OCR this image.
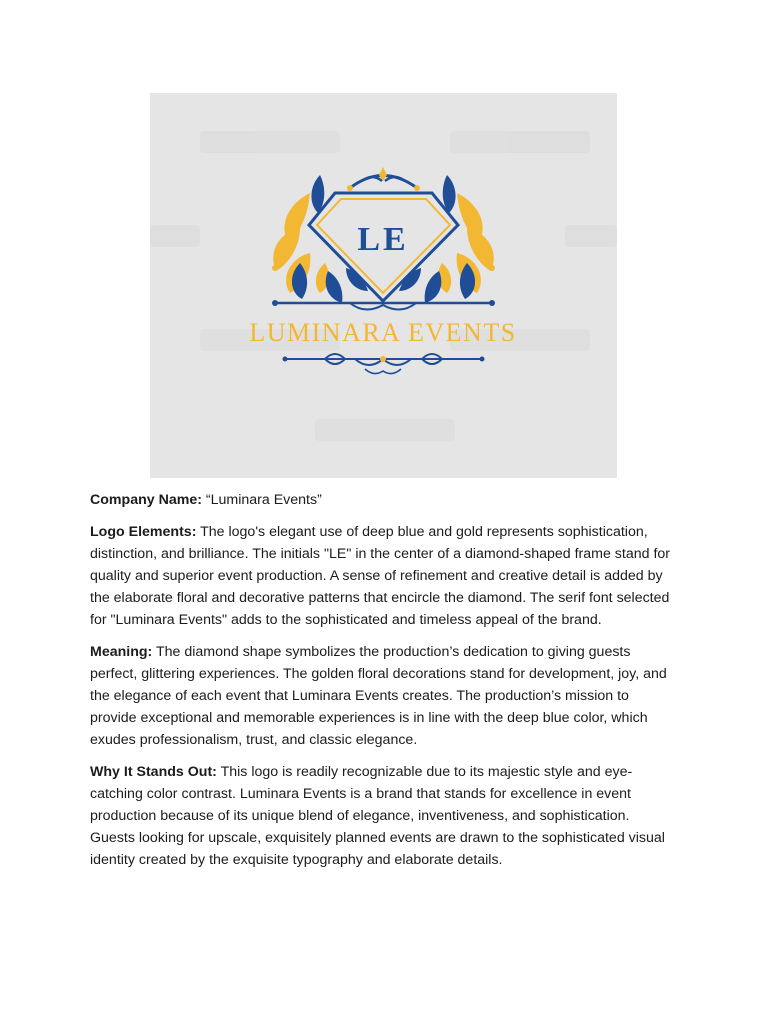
LE
LUMINARA EVENTS

Company Name: “Luminara Events”

Logo Elements: The logo's elegant use of deep blue and gold represents sophistication, distinction, and brilliance. The initials "LE" in the center of a diamond-shaped frame stand for quality and superior event production. A sense of refinement and creative detail is added by the elaborate floral and decorative patterns that encircle the diamond. The serif font selected for "Luminara Events" adds to the sophisticated and timeless appeal of the brand.

Meaning: The diamond shape symbolizes the production’s dedication to giving guests perfect, glittering experiences. The golden floral decorations stand for development, joy, and the elegance of each event that Luminara Events creates. The production’s mission to provide exceptional and memorable experiences is in line with the deep blue color, which exudes professionalism, trust, and classic elegance.

Why It Stands Out: This logo is readily recognizable due to its majestic style and eye-catching color contrast. Luminara Events is a brand that stands for excellence in event production because of its unique blend of elegance, inventiveness, and sophistication. Guests looking for upscale, exquisitely planned events are drawn to the sophisticated visual identity created by the exquisite typography and elaborate details.
